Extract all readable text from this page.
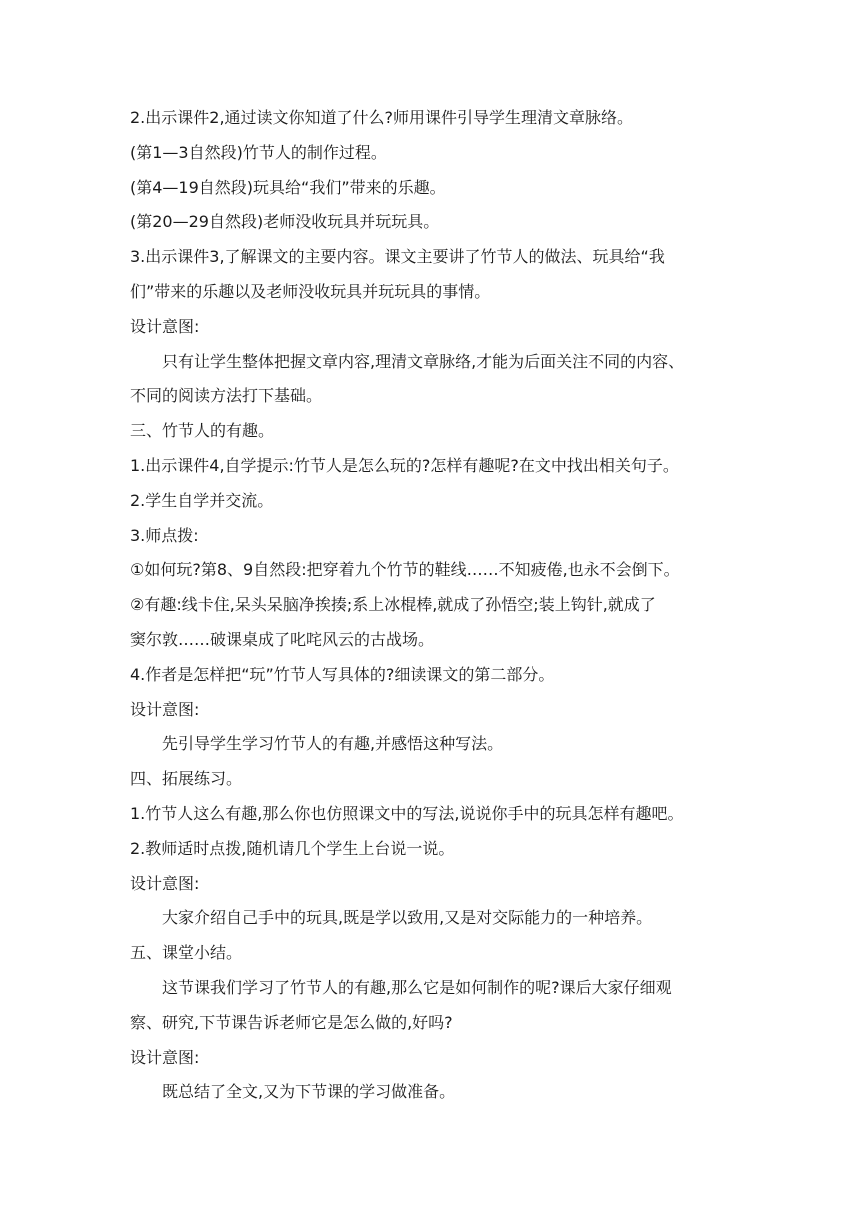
2.出示课件2,通过读文你知道了什么?师用课件引导学生理清文章脉络。

(第1—3自然段)竹节人的制作过程。

(第4—19自然段)玩具给“我们”带来的乐趣。

(第20—29自然段)老师没收玩具并玩玩具。

3.出示课件3,了解课文的主要内容。课文主要讲了竹节人的做法、玩具给“我

们”带来的乐趣以及老师没收玩具并玩玩具的事情。

设计意图:

只有让学生整体把握文章内容,理清文章脉络,才能为后面关注不同的内容、

不同的阅读方法打下基础。

三、竹节人的有趣。

1.出示课件4,自学提示:竹节人是怎么玩的?怎样有趣呢?在文中找出相关句子。

2.学生自学并交流。

3.师点拨:

①如何玩?第8、9自然段:把穿着九个竹节的鞋线……不知疲倦,也永不会倒下。

②有趣:线卡住,呆头呆脑净挨揍;系上冰棍棒,就成了孙悟空;装上钩针,就成了

窦尔敦……破课桌成了叱咤风云的古战场。

4.作者是怎样把“玩”竹节人写具体的?细读课文的第二部分。

设计意图:

先引导学生学习竹节人的有趣,并感悟这种写法。

四、拓展练习。

1.竹节人这么有趣,那么你也仿照课文中的写法,说说你手中的玩具怎样有趣吧。

2.教师适时点拨,随机请几个学生上台说一说。

设计意图:

大家介绍自己手中的玩具,既是学以致用,又是对交际能力的一种培养。

五、课堂小结。

这节课我们学习了竹节人的有趣,那么它是如何制作的呢?课后大家仔细观

察、研究,下节课告诉老师它是怎么做的,好吗?

设计意图:

既总结了全文,又为下节课的学习做准备。
